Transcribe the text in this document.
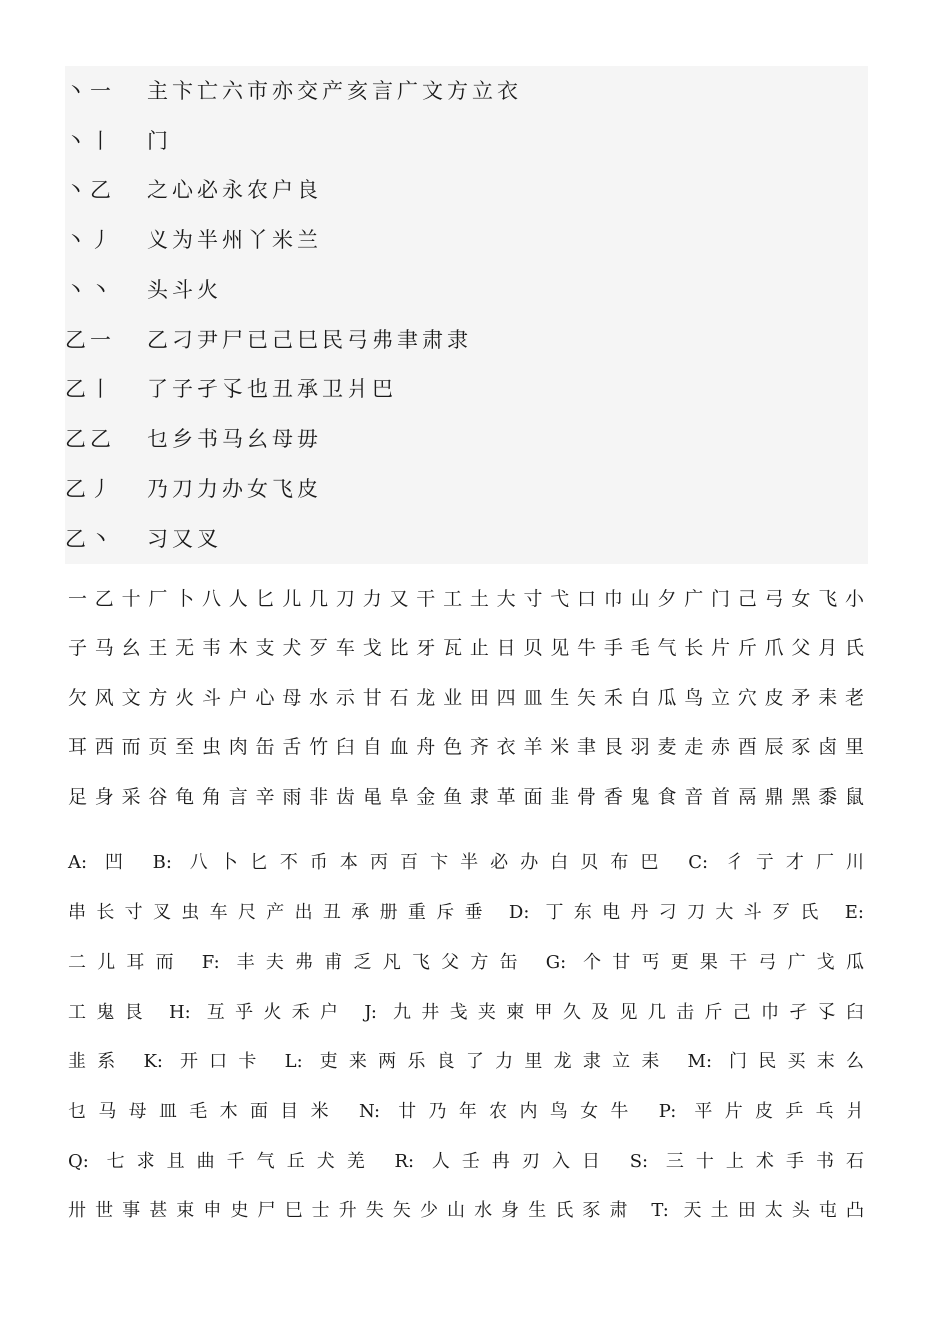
丶一 主卞亡六市亦交产亥言广文方立衣
丶丨 门
丶乙 之心必永农户良
丶丿 义为半州丫米兰
丶丶 头斗火
乙一 乙刁尹尸已己巳民弓弗聿肃隶
乙丨 了子孑孓也丑承卫爿巴
乙乙 乜乡书马幺母毋
乙丿 乃刀力办女飞皮
乙丶 习又叉
一乙十厂卜八人匕儿几刀力又干工土大寸弋口巾山夕广门己弓女飞小
子马幺王无韦木支犬歹车戈比牙瓦止日贝见牛手毛气长片斤爪父月氏
欠风文方火斗户心母水示甘石龙业田四皿生矢禾白瓜鸟立穴皮矛耒老
耳西而页至虫肉缶舌竹臼自血舟色齐衣羊米聿艮羽麦走赤酉辰豕卤里
足身采谷龟角言辛雨非齿黾阜金鱼隶革面韭骨香鬼食音首鬲鼎黑黍鼠
A: 凹 B: 八卜匕不币本丙百卞半必办白贝布巴 C: 彳亍才厂川
串长寸叉虫车尺产出丑承册重斥垂 D: 丁东电丹刁刀大斗歹氏 E:
二儿耳而 F: 丰夫弗甫乏凡飞父方缶 G: 个甘丐更果干弓广戈瓜
工鬼艮 H: 互乎火禾户 J: 九井戋夹柬甲久及见几击斤己巾孑孓臼
韭系 K: 开口卡 L: 吏来两乐良了力里龙隶立耒 M: 门民买末么
乜马母皿毛木面目米 N: 廿乃年农内鸟女牛 P: 平片皮乒乓爿
Q: 七求且曲千气丘犬羌 R: 人壬冉刃入日 S: 三十上术手书石
卅世事甚束申史尸巳士升失矢少山水身生氏豕肃 T: 天土田太头屯凸
